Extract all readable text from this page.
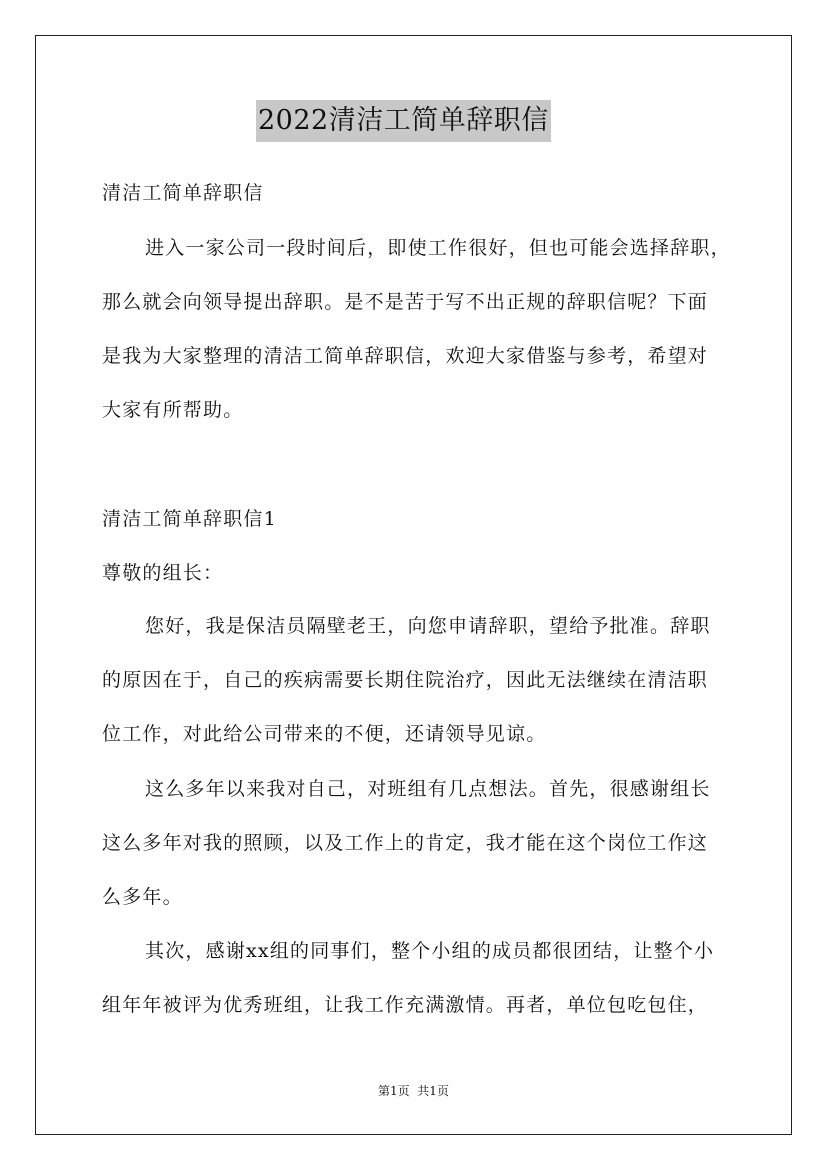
2022清洁工简单辞职信
清洁工简单辞职信
进入一家公司一段时间后，即使工作很好，但也可能会选择辞职，
那么就会向领导提出辞职。是不是苦于写不出正规的辞职信呢？下面
是我为大家整理的清洁工简单辞职信，欢迎大家借鉴与参考，希望对
大家有所帮助。
清洁工简单辞职信1
尊敬的组长：
您好，我是保洁员隔壁老王，向您申请辞职，望给予批准。辞职
的原因在于，自己的疾病需要长期住院治疗，因此无法继续在清洁职
位工作，对此给公司带来的不便，还请领导见谅。
这么多年以来我对自己，对班组有几点想法。首先，很感谢组长
这么多年对我的照顾，以及工作上的肯定，我才能在这个岗位工作这
么多年。
其次，感谢xx组的同事们，整个小组的成员都很团结，让整个小
组年年被评为优秀班组，让我工作充满激情。再者，单位包吃包住，
第1页  共1页
